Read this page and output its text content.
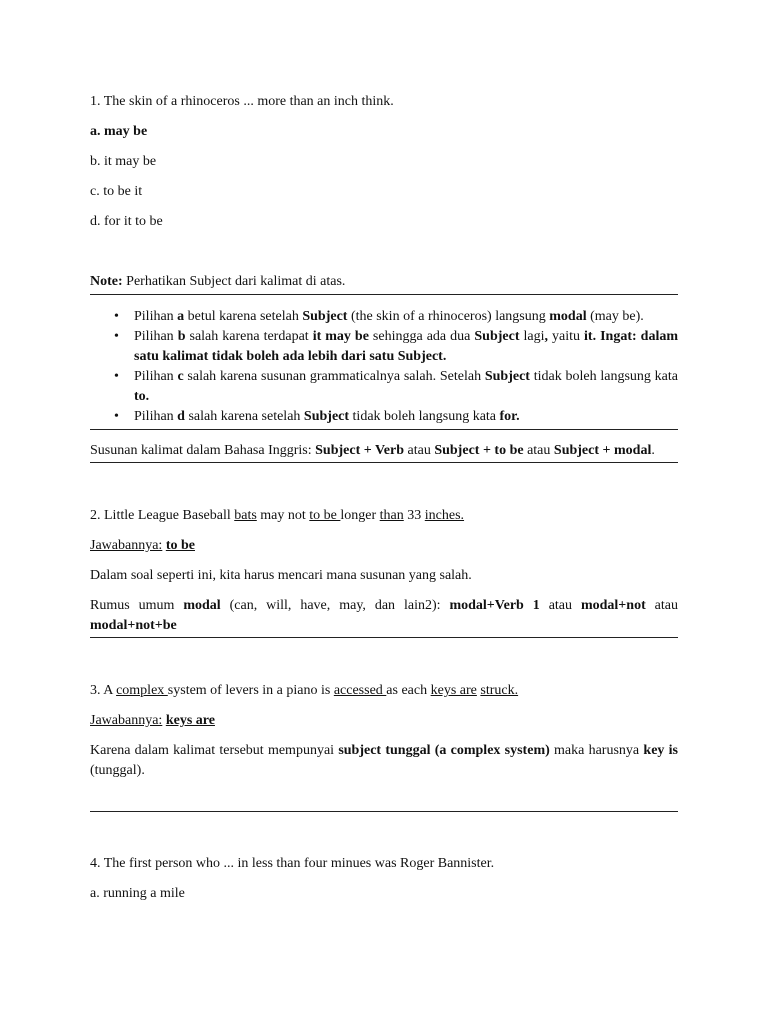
1. The skin of a rhinoceros ... more than an inch think.

a. may be

b. it may be

c. to be it

d. for it to be

Note: Perhatikan Subject dari kalimat di atas.

• Pilihan a betul karena setelah Subject (the skin of a rhinoceros) langsung modal (may be).
• Pilihan b salah karena terdapat it may be sehingga ada dua Subject lagi, yaitu it. Ingat: dalam satu kalimat tidak boleh ada lebih dari satu Subject.
• Pilihan c salah karena susunan grammaticalnya salah. Setelah Subject tidak boleh langsung kata to.
• Pilihan d salah karena setelah Subject tidak boleh langsung kata for.

Susunan kalimat dalam Bahasa Inggris: Subject + Verb atau Subject + to be atau Subject + modal.

2. Little League Baseball bats may not to be longer than 33 inches.

Jawabannya: to be

Dalam soal seperti ini, kita harus mencari mana susunan yang salah.

Rumus umum modal (can, will, have, may, dan lain2): modal+Verb 1 atau modal+not atau modal+not+be

3. A complex system of levers in a piano is accessed as each keys are struck.

Jawabannya: keys are

Karena dalam kalimat tersebut mempunyai subject tunggal (a complex system) maka harusnya key is (tunggal).

4. The first person who ... in less than four minues was Roger Bannister.

a. running a mile
